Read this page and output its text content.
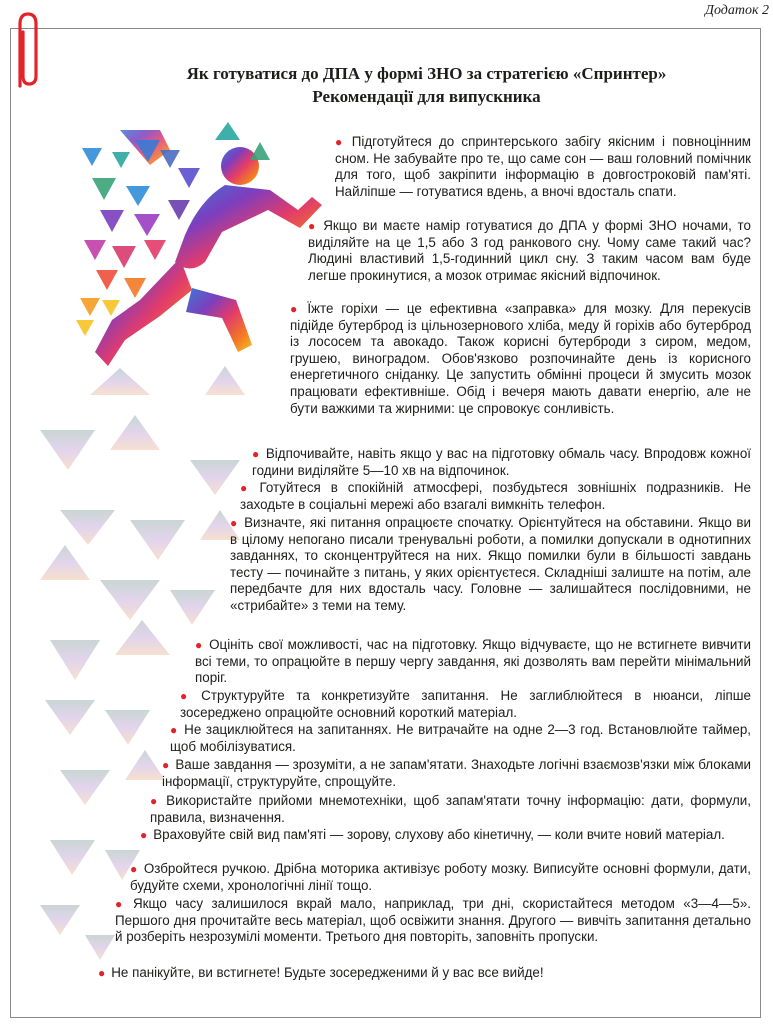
Додаток 2
Як готуватися до ДПА у формі ЗНО за стратегією «Спринтер»
Рекомендації для випускника

● Підготуйтеся до спринтерського забігу якісним і повноцінним сном. Не забувайте про те, що саме сон — ваш головний помічник для того, щоб закріпити інформацію в довгостроковій пам'яті. Найліпше — готуватися вдень, а вночі вдосталь спати.

● Якщо ви маєте намір готуватися до ДПА у формі ЗНО ночами, то виділяйте на це 1,5 або 3 год ранкового сну. Чому саме такий час? Людині властивий 1,5-годинний цикл сну. З таким часом вам буде легше прокинутися, а мозок отримає якісний відпочинок.

● Їжте горіхи — це ефективна «заправка» для мозку. Для перекусів підійде бутерброд із цільнозернового хліба, меду й горіхів або бутерброд із лососем та авокадо. Також корисні бутерброди з сиром, медом, грушею, виноградом. Обов'язково розпочинайте день із корисного енергетичного сніданку. Це запустить обмінні процеси й змусить мозок працювати ефективніше. Обід і вечеря мають давати енергію, але не бути важкими та жирними: це спровокує сонливість.

● Відпочивайте, навіть якщо у вас на підготовку обмаль часу. Впродовж кожної години виділяйте 5—10 хв на відпочинок.

● Готуйтеся в спокійній атмосфері, позбудьтеся зовнішніх подразників. Не заходьте в соціальні мережі або взагалі вимкніть телефон.

● Визначте, які питання опрацюєте спочатку. Орієнтуйтеся на обставини. Якщо ви в цілому непогано писали тренувальні роботи, а помилки допускали в однотипних завданнях, то сконцентруйтеся на них. Якщо помилки були в більшості завдань тесту — починайте з питань, у яких орієнтуєтеся. Складніші залиште на потім, але передбачте для них вдосталь часу. Головне — залишайтеся послідовними, не «стрибайте» з теми на тему.

● Оцініть свої можливості, час на підготовку. Якщо відчуваєте, що не встигнете вивчити всі теми, то опрацюйте в першу чергу завдання, які дозволять вам перейти мінімальний поріг.

● Структуруйте та конкретизуйте запитання. Не заглиблюйтеся в нюанси, ліпше зосереджено опрацюйте основний короткий матеріал.

● Не зациклюйтеся на запитаннях. Не витрачайте на одне 2—3 год. Встановлюйте таймер, щоб мобілізуватися.

● Ваше завдання — зрозуміти, а не запам'ятати. Знаходьте логічні взаємозв'язки між блоками інформації, структуруйте, спрощуйте.

● Використайте прийоми мнемотехніки, щоб запам'ятати точну інформацію: дати, формули, правила, визначення.

● Враховуйте свій вид пам'яті — зорову, слухову або кінетичну, — коли вчите новий матеріал.

● Озбройтеся ручкою. Дрібна моторика активізує роботу мозку. Виписуйте основні формули, дати, будуйте схеми, хронологічні лінії тощо.

● Якщо часу залишилося вкрай мало, наприклад, три дні, скористайтеся методом «3—4—5». Першого дня прочитайте весь матеріал, щоб освіжити знання. Другого — вивчіть запитання детально й розберіть незрозумілі моменти. Третього дня повторіть, заповніть пропуски.

● Не панікуйте, ви встигнете! Будьте зосередженими й у вас все вийде!
